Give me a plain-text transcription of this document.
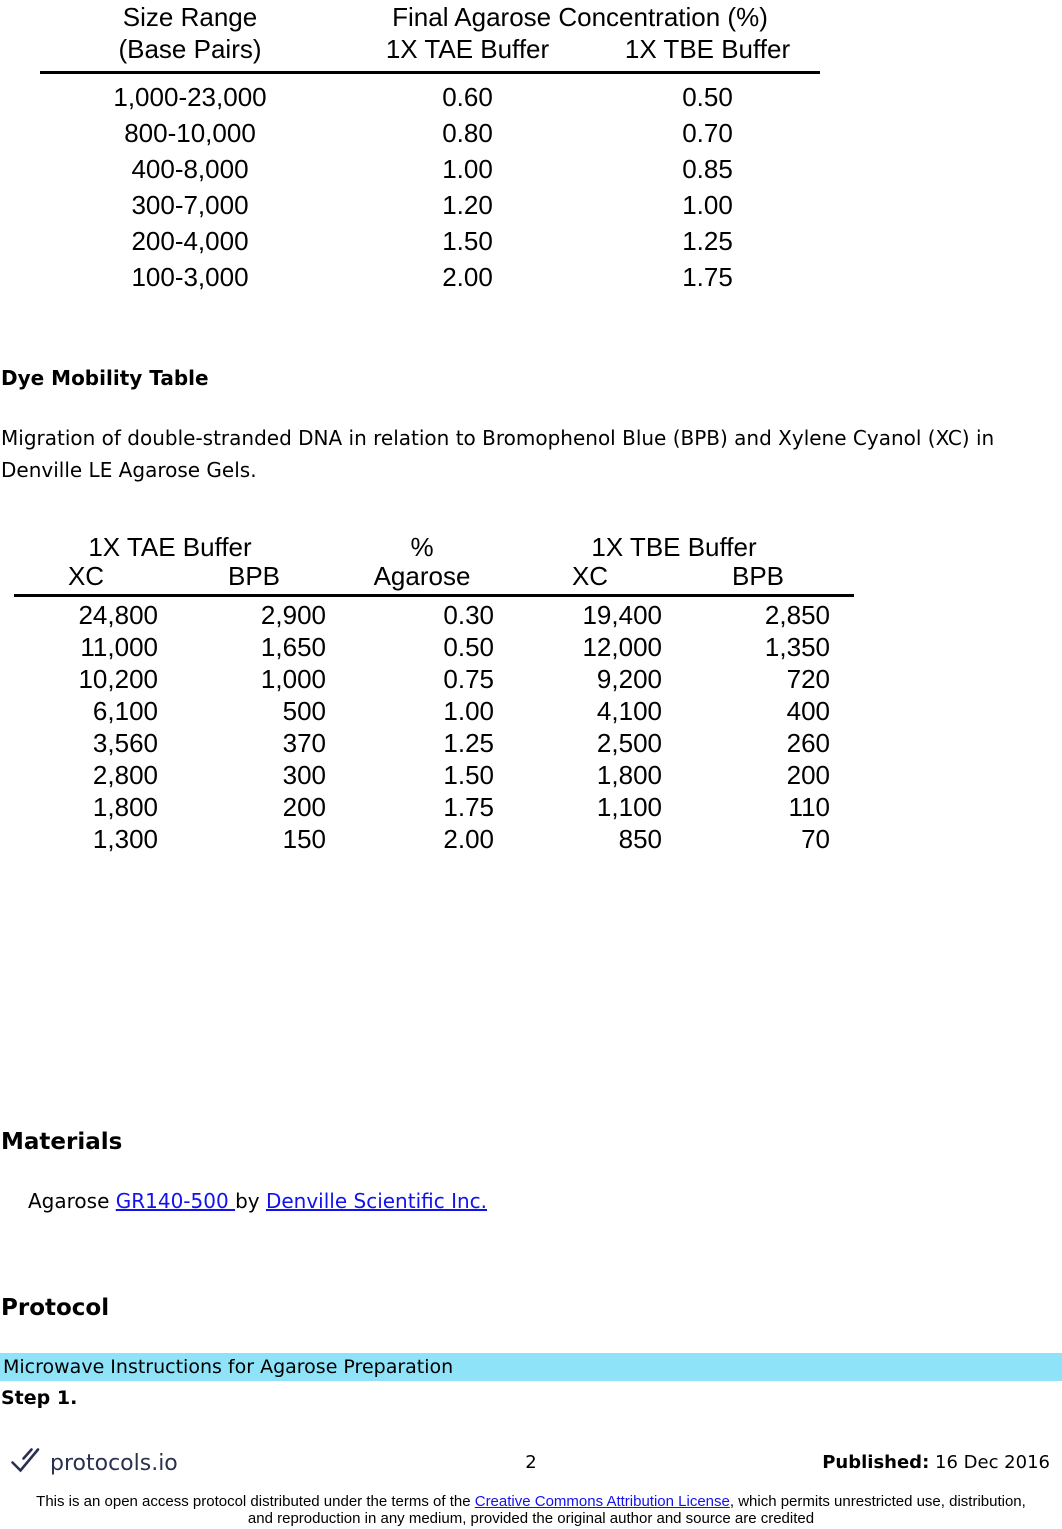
Size Range	Final Agarose Concentration (%)
(Base Pairs)	1X TAE Buffer	1X TBE Buffer
1,000-23,000	0.60	0.50
800-10,000	0.80	0.70
400-8,000	1.00	0.85
300-7,000	1.20	1.00
200-4,000	1.50	1.25
100-3,000	2.00	1.75
Dye Mobility Table
Migration of double-stranded DNA in relation to Bromophenol Blue (BPB) and Xylene Cyanol (XC) in Denville LE Agarose Gels.
1X TAE Buffer	%	1X TBE Buffer
XC	BPB	Agarose	XC	BPB
24,800	2,900	0.30	19,400	2,850
11,000	1,650	0.50	12,000	1,350
10,200	1,000	0.75	9,200	720
6,100	500	1.00	4,100	400
3,560	370	1.25	2,500	260
2,800	300	1.50	1,800	200
1,800	200	1.75	1,100	110
1,300	150	2.00	850	70
Materials
Agarose GR140-500 by Denville Scientific Inc.
Protocol
Microwave Instructions for Agarose Preparation
Step 1.
protocols.io	2	Published: 16 Dec 2016
This is an open access protocol distributed under the terms of the Creative Commons Attribution License, which permits unrestricted use, distribution,
and reproduction in any medium, provided the original author and source are credited
